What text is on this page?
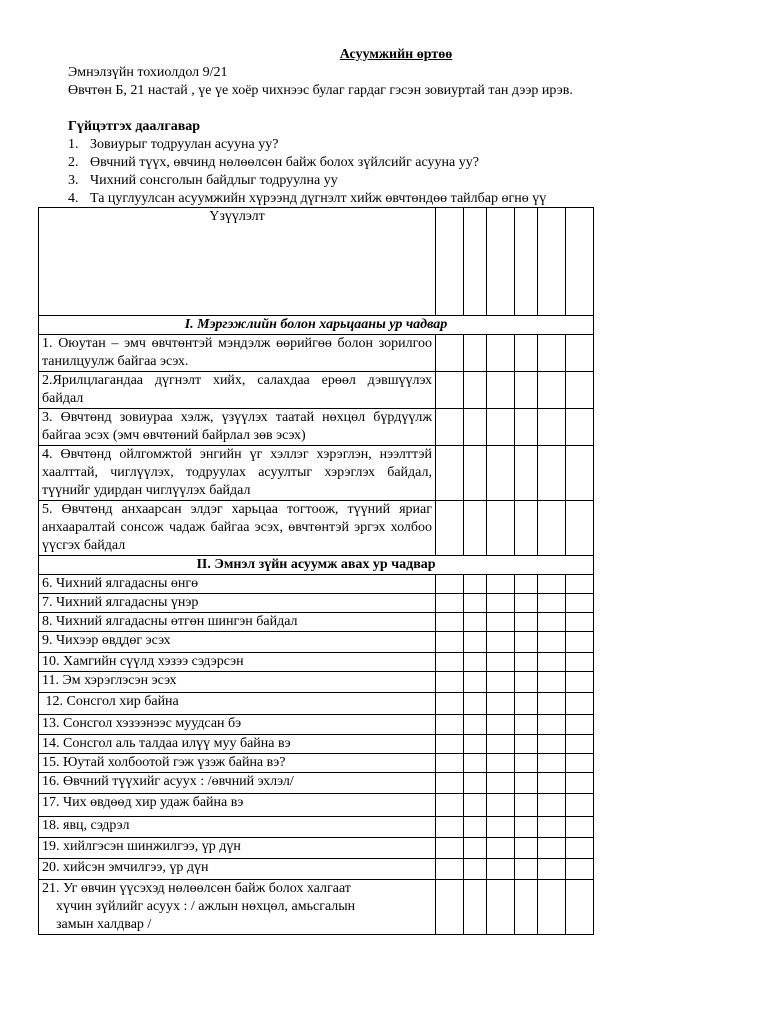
Асуумжийн өртөө
Эмнэлзүйн тохиолдол 9/21
Өвчтөн Б, 21 настай , үе үе хоёр чихнээс булаг гардаг гэсэн зовиуртай тан дээр ирэв.
Гүйцэтгэх даалгавар
1. Зовиурыг тодруулан асууна уу?
2. Өвчний түүх, өвчинд нөлөөлсөн байж болох зүйлсийг асууна уу?
3. Чихний сонсголын байдлыг тодруулна уу
4. Та цуглуулсан асуумжийн хүрээнд дүгнэлт хийж өвчтөндөө тайлбар өгнө үү
Үзүүлэлт						
I. Мэргэжлийн болон харьцааны ур чадвар						
1. Оюутан – эмч өвчтөнтэй мэндэлж өөрийгөө болон зорилгоо танилцуулж байгаа эсэх.						
2.Ярилцлагандаа дүгнэлт хийх, салахдаа ерөөл дэвшүүлэх байдал						
3. Өвчтөнд зовиураа хэлж, үзүүлэх таатай нөхцөл бүрдүүлж байгаа эсэх (эмч өвчтөний байрлал зөв эсэх)						
4. Өвчтөнд ойлгомжтой энгийн үг хэллэг хэрэглэн, нээлттэй хаалттай, чиглүүлэх, тодруулах асуултыг хэрэглэх байдал, түүнийг удирдан чиглүүлэх байдал						
5. Өвчтөнд анхаарсан элдэг харьцаа тогтоож, түүний яриаг анхааралтай сонсож чадаж байгаа эсэх, өвчтөнтэй эргэх холбоо үүсгэх байдал						
II. Эмнэл зүйн асуумж авах ур чадвар						
6. Чихний ялгадасны өнгө						
7. Чихний ялгадасны үнэр						
8. Чихний ялгадасны өтгөн шингэн байдал						
9. Чихээр өвддөг эсэх						
10. Хамгийн сүүлд хэзээ сэдэрсэн						
11. Эм хэрэглэсэн эсэх						
12. Сонсгол хир байна						
13. Сонсгол хэзээнээс муудсан бэ						
14. Сонсгол аль талдаа илүү муу байна вэ						
15. Юутай холбоотой гэж үзэж байна вэ?						
16. Өвчний түүхийг асуух : /өвчний эхлэл/						
17. Чих өвдөөд хир удаж байна вэ						
18. явц, сэдрэл						
19. хийлгэсэн шинжилгээ, үр дүн						
20. хийсэн эмчилгээ, үр дүн						

21. Уг өвчин үүсэхэд нөлөөлсөн байж болох халгаат
хүчин зүйлийг асуух : / ажлын нөхцөл, амьсгалын
замын халдвар /						
